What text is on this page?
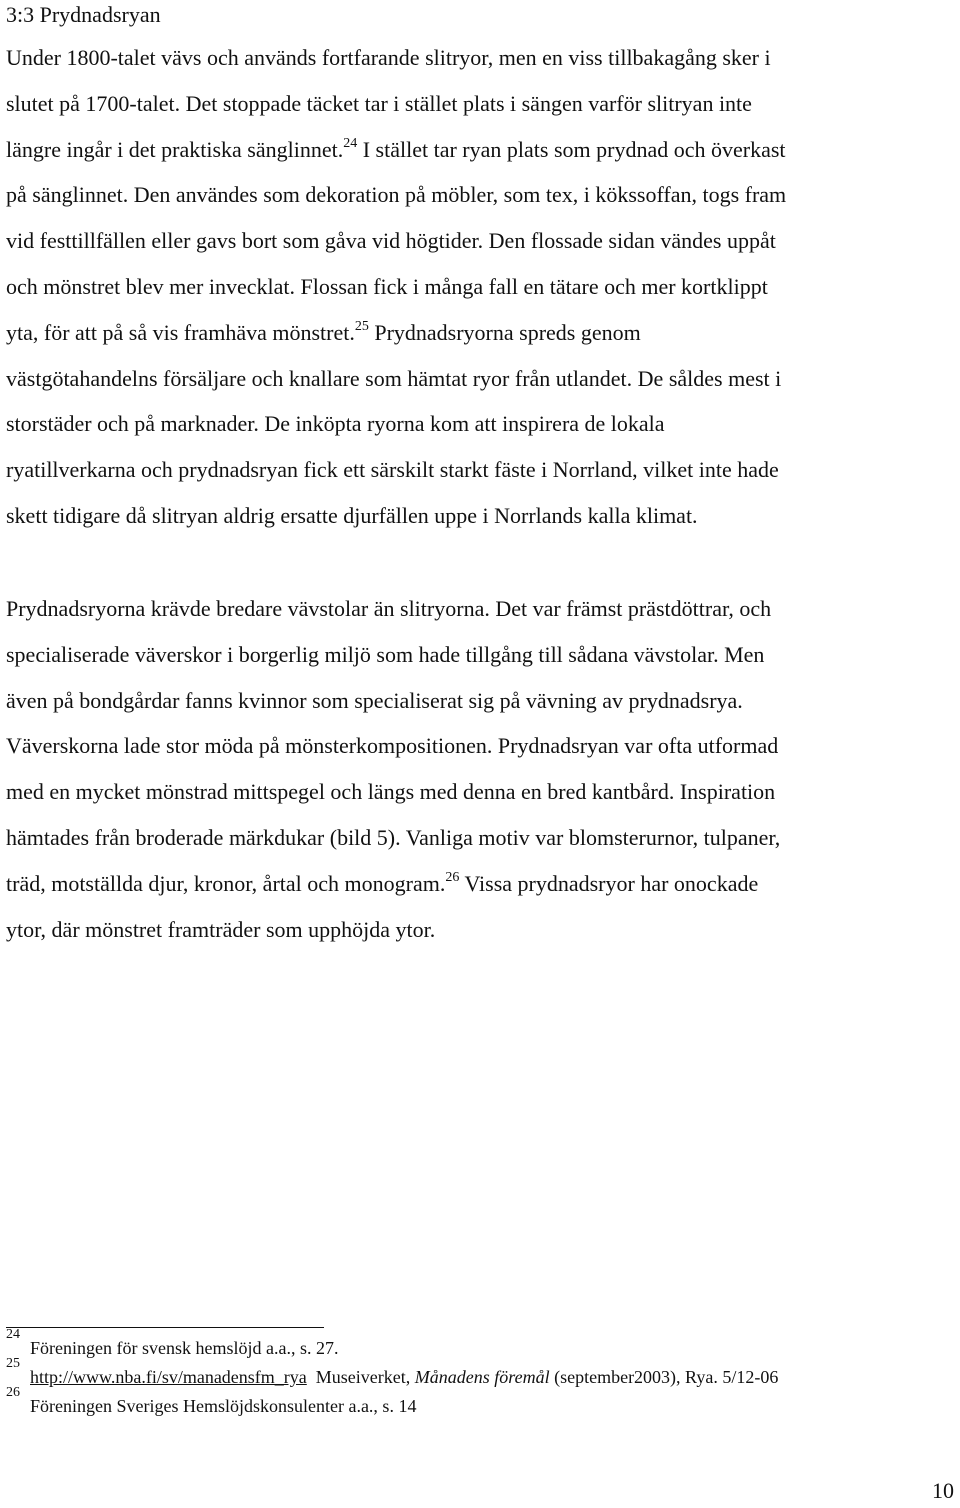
3:3 Prydnadsryan
Under 1800-talet vävs och används fortfarande slitryor, men en viss tillbakagång sker i
slutet på 1700-talet. Det stoppade täcket tar i stället plats i sängen varför slitryan inte
längre ingår i det praktiska sänglinnet.$^{24}$ I stället tar ryan plats som prydnad och överkast
på sänglinnet. Den användes som dekoration på möbler, som tex, i kökssoffan, togs fram
vid festtillfällen eller gavs bort som gåva vid högtider. Den flossade sidan vändes uppåt
och mönstret blev mer invecklat. Flossan fick i många fall en tätare och mer kortklippt
yta, för att på så vis framhäva mönstret.$^{25}$ Prydnadsryorna spreds genom
västgötahandelns försäljare och knallare som hämtat ryor från utlandet. De såldes mest i
storstäder och på marknader. De inköpta ryorna kom att inspirera de lokala
ryatillverkarna och prydnadsryan fick ett särskilt starkt fäste i Norrland, vilket inte hade
skett tidigare då slitryan aldrig ersatte djurfällen uppe i Norrlands kalla klimat.
Prydnadsryorna krävde bredare vävstolar än slitryorna. Det var främst prästdöttrar, och
specialiserade väverskor i borgerlig miljö som hade tillgång till sådana vävstolar. Men
även på bondgårdar fanns kvinnor som specialiserat sig på vävning av prydnadsrya.
Väverskorna lade stor möda på mönsterkompositionen. Prydnadsryan var ofta utformad
med en mycket mönstrad mittspegel och längs med denna en bred kantbård. Inspiration
hämtades från broderade märkdukar (bild 5). Vanliga motiv var blomsterurnor, tulpaner,
träd, motställda djur, kronor, årtal och monogram.$^{26}$ Vissa prydnadsryor har onockade
ytor, där mönstret framträder som upphöjda ytor.
24
Föreningen för svensk hemslöjd a.a., s. 27.
25
http://www.nba.fi/sv/manadensfm_rya  Museiverket, Månadens föremål (september2003), Rya. 5/12-06
26
Föreningen Sveriges Hemslöjdskonsulenter a.a., s. 14
10
